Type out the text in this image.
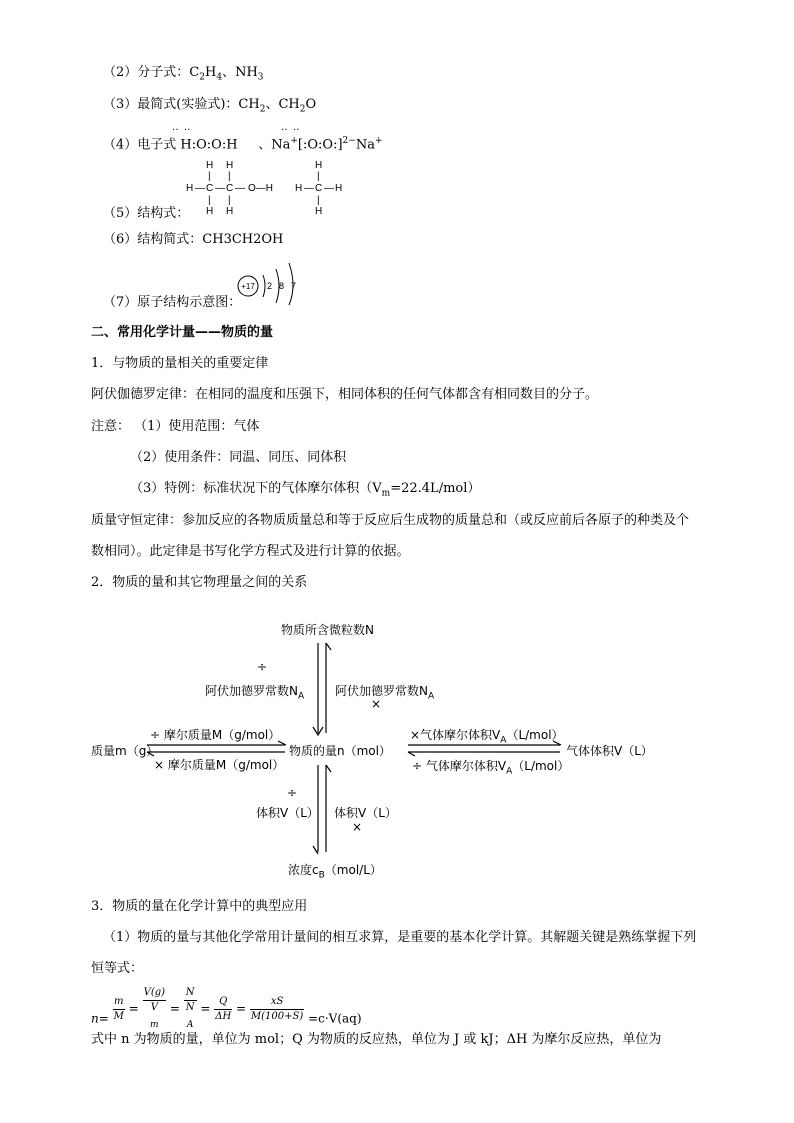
（2）分子式：$C_2H_4$、$NH_3$
（3）最简式(实验式)：$CH_2$、$CH_2O$
‥ ‥	‥ ‥
（4）电子式 H:O:O:H 、Na+[:O:O:]$^{2-}$Na+
H H
| |
H — C — C — O—H
| |
H H
H
|
H — C — H
|
H
（5）结构式：
（6）结构简式：CH3CH2OH
（7）原子结构示意图：
+17 2 8 7
二、常用化学计量——物质的量
1．与物质的量相关的重要定律
阿伏伽德罗定律：在相同的温度和压强下，相同体积的任何气体都含有相同数目的分子。
注意： （1）使用范围：气体
（2）使用条件：同温、同压、同体积
（3）特例：标准状况下的气体摩尔体积$(V_m=22.4L/mol)$
质量守恒定律：参加反应的各物质质量总和等于反应后生成物的质量总和（或反应前后各原子的种类及个
数相同）。此定律是书写化学方程式及进行计算的依据。
2．物质的量和其它物理量之间的关系
物质所含微粒数N
÷
阿伏加德罗常数$N_A$	阿伏加德罗常数$N_A$
×
质量m（g）
÷ 摩尔质量M（g/mol）
× 摩尔质量M（g/mol）
物质的量n（mol）
×气体摩尔体积$V_A(L/mol)$
÷ 气体摩尔体积$V_A(L/mol)$
气体体积V（L）
÷
体积V（L） 体积V（L）
×
浓度$c_B(mol/L)$
3．物质的量在化学计算中的典型应用
（1）物质的量与其他化学常用计量间的相互求算，是重要的基本化学计算。其解题关键是熟练掌握下列
恒等式：
$n= \frac{m}{M} = V(g)$
V
$_m$ = N
N
$_A = \frac{Q}{\Delta H} = \frac{xS}{M(100+S)} =c\cdot V(aq)$
式中 n 为物质的量，单位为 mol；Q 为物质的反应热，单位为 J 或 kJ；ΔH 为摩尔反应热，单位为
